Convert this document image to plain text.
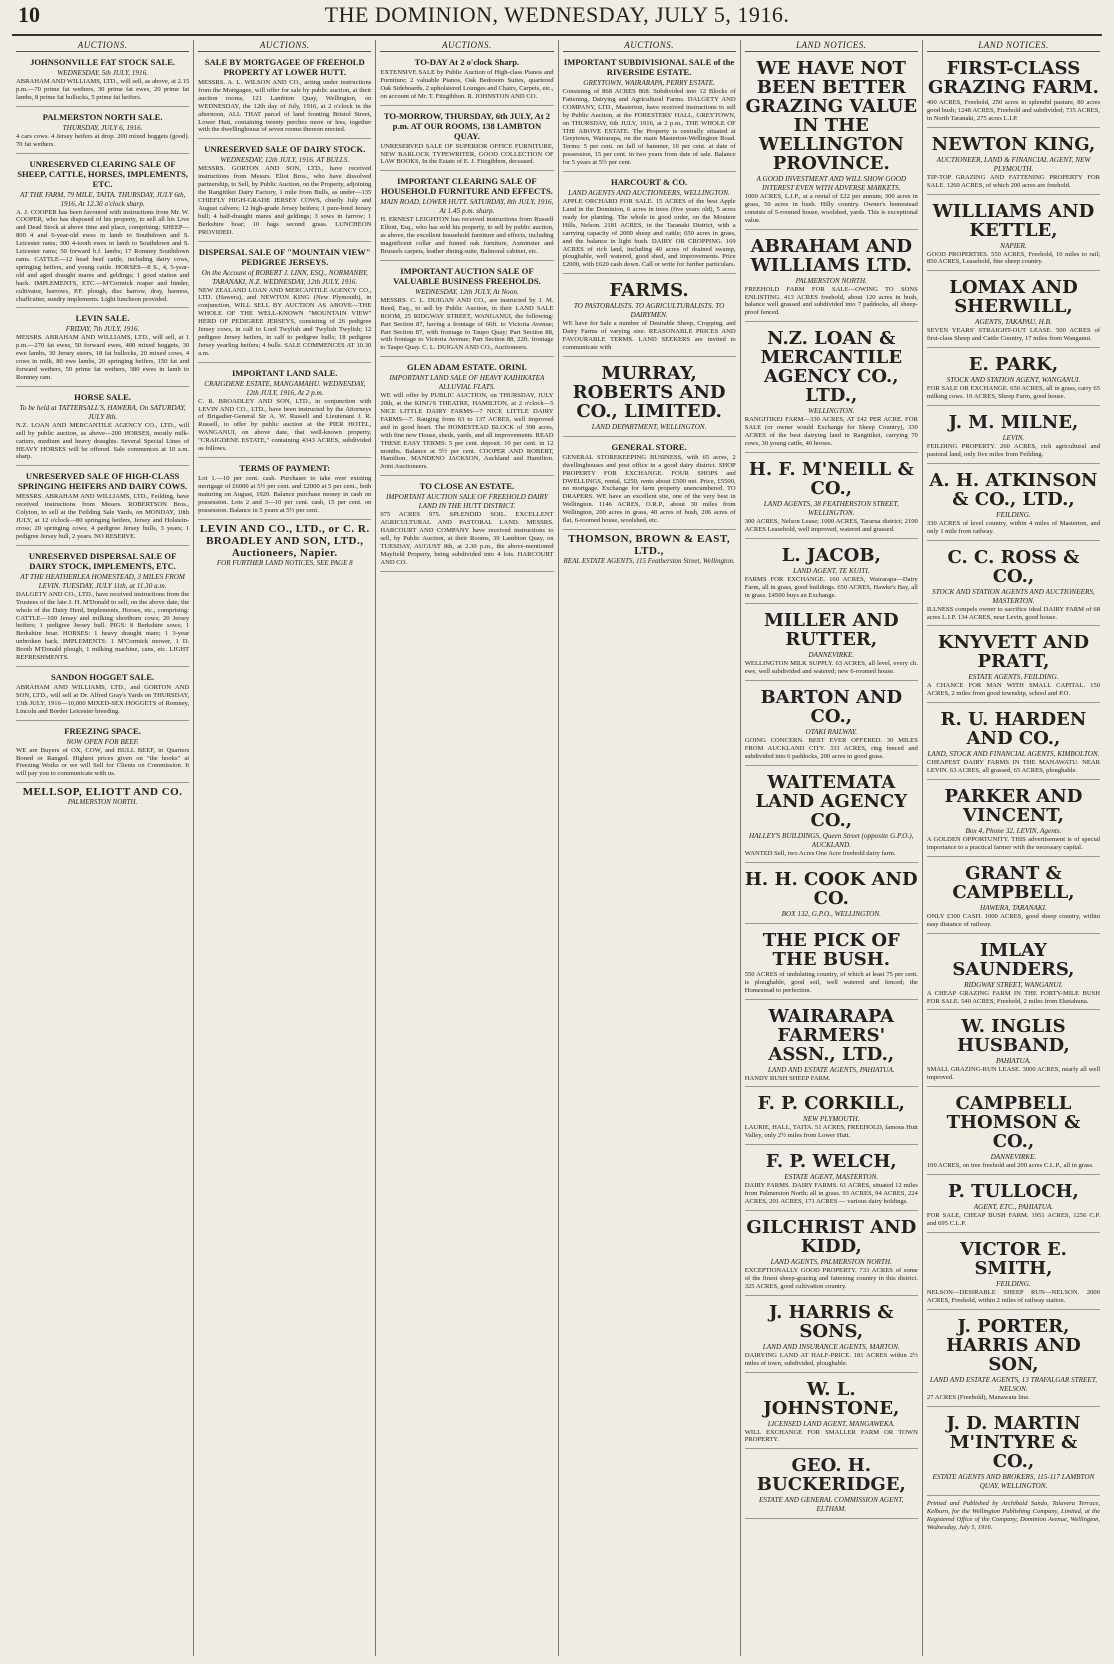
10	THE DOMINION, WEDNESDAY, JULY 5, 1916.
AUCTIONS.
JOHNSONVILLE FAT STOCK SALE.
WEDNESDAY, 5th JULY, 1916.
ABRAHAM AND WILLIAMS, LTD., will sell, as above, at 2.15 p.m.—70 prime fat wethers, 30 prime fat ewes, 20 prime fat lambs, 8 prime fat bullocks, 5 prime fat heifers.
PALMERSTON NORTH SALE.
THURSDAY, JULY 6, 1916.
4 cars cows. 4 Jersey heifers at drop. 200 mixed hoggets (good). 70 fat wethers.
UNRESERVED CLEARING SALE OF SHEEP, CATTLE, HORSES, IMPLEMENTS, ETC.
AT THE FARM, 79 MILE, TAITA. THURSDAY, JULY 6th, 1916, At 12.30 o'clock sharp.
A. J. COOPER has been favoured with instructions from Mr. W. COOPER, who has disposed of his property, to sell all his Live and Dead Stock at above time and place, comprising: SHEEP—800 4 and 6-year-old ewes in lamb to Southdown and S. Leicester rams; 300 4-tooth ewes in lamb to Southdown and S. Leicester rams; 50 forward b.f. lambs; 17 Romney Southdown rams. CATTLE—12 head beef cattle, including dairy cows, springing heifers, and young cattle. HORSES—8 S., 4, 5-year-old and aged draught mares and geldings; 1 good station and hack. IMPLEMENTS, ETC.—M'Cormick reaper and binder, cultivator, harrows, P.F. plough, disc harrow, dray, harness, chaffcutter, sundry implements. Light luncheon provided.
LEVIN SALE.
FRIDAY, 7th JULY, 1916.
MESSRS. ABRAHAM AND WILLIAMS, LTD., will sell, at 1 p.m.—270 fat ewes, 50 forward ewes, 400 mixed hoggets, 30 ewe lambs, 30 Jersey steers, 18 fat bullocks, 20 mixed cows, 4 cows in milk, 80 ewe lambs, 20 springing heifers, 150 fat and forward wethers, 50 prime fat wethers, 380 ewes in lamb to Romney ram.
HORSE SALE.
To be held at TATTERSALL'S, HAWERA, On SATURDAY, JULY 8th.
N.Z. LOAN AND MERCANTILE AGENCY CO., LTD., will sell by public auction, as above—200 HORSES, mostly milk-carters, medium and heavy draughts. Several Special Lines of HEAVY HORSES will be offered. Sale commences at 10 a.m. sharp.
UNRESERVED SALE OF HIGH-CLASS SPRINGING HEIFERS AND DAIRY COWS.
MESSRS. ABRAHAM AND WILLIAMS, LTD., Feilding, have received instructions from Messrs. ROBERTSON Bros., Colyton, to sell at the Feilding Sale Yards, on MONDAY, 10th JULY, at 12 o'clock—80 springing heifers, Jersey and Holstein-cross; 20 springing cows; 4 pedigree Jersey bulls, 3 years; 1 pedigree Jersey bull, 2 years. NO RESERVE.
UNRESERVED DISPERSAL SALE OF DAIRY STOCK, IMPLEMENTS, ETC.
AT THE HEATHERLEA HOMESTEAD, 3 MILES FROM LEVIN. TUESDAY, JULY 11th, at 11.30 a.m.
DALGETY AND CO., LTD., have received instructions from the Trustees of the late J. H. M'Donald to sell, on the above date, the whole of the Dairy Herd, Implements, Horses, etc., comprising: CATTLE—100 Jersey and milking shorthorn cows; 20 Jersey heifers; 1 pedigree Jersey bull. PIGS: 8 Berkshire sows; 1 Berkshire boar. HORSES: 1 heavy draught mare; 1 3-year unbroken hack. IMPLEMENTS: 1 M'Cormick mower, 1 D. Booth M'Donald plough, 1 milking machine, cans, etc. LIGHT REFRESHMENTS.
SANDON HOGGET SALE.
ABRAHAM AND WILLIAMS, LTD., and GORTON AND SON, LTD., will sell at Dr. Alfred Gray's Yards on THURSDAY, 13th JULY, 1916—10,000 MIXED-SEX HOGGETS of Romney, Lincoln and Border Leicester breeding.
FREEZING SPACE.
NOW OPEN FOR BEEF.
WE are Buyers of OX, COW, and BULL BEEF, in Quarters Boned or Ranged. Highest prices given on "the hooks" at Freezing Works or we will Sell for Clients on Commission. It will pay you to communicate with us.
MELLSOP, ELIOTT AND CO.
PALMERSTON NORTH.
AUCTIONS.
SALE BY MORTGAGEE OF FREEHOLD PROPERTY AT LOWER HUTT.
MESSRS. A. L. WILSON AND CO., acting under instructions from the Mortgagee, will offer for sale by public auction, at their auction rooms, 121 Lambton Quay, Wellington, on WEDNESDAY, the 12th day of July, 1916, at 2 o'clock in the afternoon, ALL THAT parcel of land fronting Bristol Street, Lower Hutt, containing twenty perches more or less, together with the dwellinghouse of seven rooms thereon erected.
UNRESERVED SALE OF DAIRY STOCK.
WEDNESDAY, 12th JULY, 1916. AT BULLS.
MESSRS. GORTON AND SON, LTD., have received instructions from Messrs. Eliot Bros., who have dissolved partnership, to Sell, by Public Auction, on the Property, adjoining the Rangitikei Dairy Factory, 1 mile from Bulls, as under—135 CHIEFLY HIGH-GRADE JERSEY COWS, chiefly July and August calvers; 12 high-grade Jersey heifers; 1 pure-bred Jersey bull; 4 half-draught mares and geldings; 3 sows in farrow; 1 Berkshire boar; 10 bags second grass. LUNCHEON PROVIDED.
DISPERSAL SALE OF "MOUNTAIN VIEW" PEDIGREE JERSEYS.
On the Account of ROBERT J. LINN, ESQ., NORMANBY, TARANAKI, N.Z. WEDNESDAY, 12th JULY, 1916.
NEW ZEALAND LOAN AND MERCANTILE AGENCY CO., LTD. (Hawera), and NEWTON KING (New Plymouth), in conjunction, WILL SELL BY AUCTION AS ABOVE—THE WHOLE OF THE WELL-KNOWN "MOUNTAIN VIEW" HERD OF PEDIGREE JERSEYS, consisting of 26 pedigree Jersey cows, in calf to Lord Twylish and Twylish Twylish; 12 pedigree Jersey heifers, in calf to pedigree bulls; 18 pedigree Jersey yearling heifers; 4 bulls. SALE COMMENCES AT 10.30 a.m.
IMPORTANT LAND SALE.
CRAIGDENE ESTATE, MANGAMAHU. WEDNESDAY, 12th JULY, 1916, At 2 p.m.
C. R. BROADLEY AND SON, LTD., in conjunction with LEVIN AND CO., LTD., have been instructed by the Attorneys of Brigadier-General Sir A. W. Russell and Lieutenant J. R. Russell, to offer by public auction at the PIER HOTEL, WANGANUI, on above date, that well-known property, "CRAIGDENE ESTATE," containing 4343 ACRES, subdivided as follows.
TERMS OF PAYMENT:
Lot 1.—10 per cent. cash. Purchaser to take over existing mortgage of £6000 at 5½ per cent. and £2000 at 5 per cent., both maturing on August, 1920. Balance purchase money in cash on possession. Lots 2 and 3—10 per cent. cash, 15 per cent. on possession. Balance in 5 years at 5½ per cent.
LEVIN AND CO., LTD., or C. R. BROADLEY AND SON, LTD., Auctioneers, Napier.
FOR FURTHER LAND NOTICES, SEE PAGE 8
AUCTIONS.
TO-DAY At 2 o'clock Sharp.
EXTENSIVE SALE by Public Auction of High-class Pianos and Furniture; 2 valuable Pianos, Oak Bedroom Suites, quartered Oak Sideboards, 2 upholstered Lounges and Chairs, Carpets, etc., on account of Mr. T. Fitzgibbon. R. JOHNSTON AND CO.
TO-MORROW, THURSDAY, 6th JULY, At 2 p.m. AT OUR ROOMS, 138 LAMBTON QUAY.
UNRESERVED SALE OF SUPERIOR OFFICE FURNITURE, NEW BARLOCK TYPEWRITER, GOOD COLLECTION OF LAW BOOKS, In the Estate of E. J. Fitzgibbon, deceased.
IMPORTANT CLEARING SALE OF HOUSEHOLD FURNITURE AND EFFECTS.
MAIN ROAD, LOWER HUTT. SATURDAY, 8th JULY, 1916, At 1.45 p.m. sharp.
H. ERNEST LEIGHTON has received instructions from Russell Elliott, Esq., who has sold his property, to sell by public auction, as above, the excellent household furniture and effects, including magnificent collar and fumed oak furniture, Axminster and Brussels carpets, leather dining suite, Balmoral cabinet, etc.
IMPORTANT AUCTION SALE OF VALUABLE BUSINESS FREEHOLDS.
WEDNESDAY, 12th JULY, At Noon.
MESSRS. C. L. DUIGAN AND CO., are instructed by J. M. Reed, Esq., to sell by Public Auction, in their LAND SALE ROOM, 25 RIDGWAY STREET, WANGANUI, the following: Part Section 87, having a frontage of 66ft. to Victoria Avenue; Part Section 87, with frontage to Taupo Quay; Part Section 88, with frontage to Victoria Avenue; Part Section 88, 22ft. frontage to Taupo Quay. C. L. DUIGAN AND CO., Auctioneers.
GLEN ADAM ESTATE. ORINI.
IMPORTANT LAND SALE OF HEAVY KAIHIKATEA ALLUVIAL FLATS.
WE will offer by PUBLIC AUCTION, on THURSDAY, JULY 20th, at the KING'S THEATRE, HAMILTON, at 2 o'clock—5 NICE LITTLE DAIRY FARMS—7 NICE LITTLE DAIRY FARMS—7. Ranging from 63 to 137 ACRES, well improved and in good heart. The HOMESTEAD BLOCK of 398 acres, with fine new House, sheds, yards, and all improvements. READ THESE EASY TERMS: 5 per cent. deposit. 10 per cent. in 12 months. Balance at 5½ per cent. COOPER AND ROBERT, Hamilton. MANDENO JACKSON, Auckland and Hamilton. Joint Auctioneers.
TO CLOSE AN ESTATE.
IMPORTANT AUCTION SALE OF FREEHOLD DAIRY LAND IN THE HUTT DISTRICT.
975 ACRES 975. SPLENDID SOIL. EXCELLENT AGRICULTURAL AND PASTORAL LAND. MESSRS. HARCOURT AND COMPANY have received instructions to sell, by Public Auction, at their Rooms, 39 Lambton Quay, on TUESDAY, AUGUST 8th, at 2.30 p.m., the above-mentioned Mayfield Property, being subdivided into 4 lots. HARCOURT AND CO.
AUCTIONS.
IMPORTANT SUBDIVISIONAL SALE of the RIVERSIDE ESTATE.
GREYTOWN, WAIRARAPA, PERRY ESTATE.
Consisting of 868 ACRES 868. Subdivided into 12 Blocks of Fattening, Dairying and Agricultural Farms. DALGETY AND COMPANY, LTD., Masterton, have received instructions to sell by Public Auction, at the FORESTERS' HALL, GREYTOWN, on THURSDAY, 6th JULY, 1916, at 2 p.m., THE WHOLE OF THE ABOVE ESTATE. The Property is centrally situated at Greytown, Wairarapa, on the main Masterton-Wellington Road. Terms: 5 per cent. on fall of hammer, 10 per cent. at date of possession, 15 per cent. in two years from date of sale. Balance for 5 years at 5½ per cent.
HARCOURT & CO.
LAND AGENTS AND AUCTIONEERS, WELLINGTON.
APPLE ORCHARD FOR SALE. 15 ACRES of the best Apple Land in the Dominion, 6 acres in trees (five years old), 5 acres ready for planting. The whole in good order, on the Moutere Hills, Nelson. 2181 ACRES, in the Taranaki District, with a carrying capacity of 2000 sheep and cattle; 650 acres in grass, and the balance in light bush. DAIRY OR CROPPING. 169 ACRES of rich land, including 40 acres of drained swamp, ploughable, well watered, good shed, and improvements. Price £2000, with £620 cash down. Call or write for further particulars.
FARMS.
TO PASTORALISTS. TO AGRICULTURALISTS. TO DAIRYMEN.
WE have for Sale a number of Desirable Sheep, Cropping, and Dairy Farms of varying size. REASONABLE PRICES AND FAVOURABLE TERMS. LAND SEEKERS are invited to communicate with
MURRAY, ROBERTS AND CO., LIMITED.
LAND DEPARTMENT, WELLINGTON.
GENERAL STORE.
GENERAL STOREKEEPING BUSINESS, with 65 acres, 2 dwellinghouses and post office in a good dairy district. SHOP PROPERTY FOR EXCHANGE. FOUR SHOPS and DWELLINGS, rental, £250, rents about £500 net. Price, £5500, no mortgage. Exchange for farm property unencumbered. TO DRAPERS. WE have an excellent site, one of the very best in Wellington. 1146 ACRES, O.R.P., about 30 miles from Wellington, 200 acres in grass, 40 acres of bush, 206 acres of flat, 6-roomed house, woolshed, etc.
THOMSON, BROWN & EAST, LTD.,
REAL ESTATE AGENTS, 115 Featherston Street, Wellington.
LAND NOTICES.
WE HAVE NOT BEEN BETTER GRAZING VALUE IN THE WELLINGTON PROVINCE.
A GOOD INVESTMENT AND WILL SHOW GOOD INTEREST EVEN WITH ADVERSE MARKETS.
1000 ACRES, L.I.P., at a rental of £22 per annum; 300 acres in grass, 50 acres in bush. Hilly country. Owner's homestead consists of 5-roomed house, woolshed, yards. This is exceptional value.
ABRAHAM AND WILLIAMS LTD.
PALMERSTON NORTH.
FREEHOLD FARM FOR SALE—OWING TO SONS ENLISTING. 413 ACRES freehold, about 120 acres in bush, balance well grassed and subdivided into 7 paddocks, all sheep-proof fenced.
N.Z. LOAN & MERCANTILE AGENCY CO., LTD.,
WELLINGTON.
RANGITIKEI FARM—330 ACRES, AT £42 PER ACRE. FOR SALE (or owner would Exchange for Sheep Country), 330 ACRES of the best dairying land in Rangitikei, carrying 70 cows, 30 young cattle, 40 horses.
H. F. M'NEILL & CO.,
LAND AGENTS, 38 FEATHERSTON STREET, WELLINGTON.
300 ACRES, Nelson Lease; 1000 ACRES, Tararua district; 2100 ACRES Leasehold, well improved, watered and grassed.
L. JACOB,
LAND AGENT, TE KUITI.
FARMS FOR EXCHANGE. 160 ACRES, Wairarapa—Dairy Farm, all in grass, good buildings. 650 ACRES, Hawke's Bay, all in grass. £4500 buys an Exchange.
MILLER AND RUTTER,
DANNEVIRKE.
WELLINGTON MILK SUPPLY. 63 ACRES, all level, every ch. ewe, well subdivided and watered; new 6-roomed house.
BARTON AND CO.,
OTAKI RAILWAY.
GOING CONCERN. BEST EVER OFFERED. 30 MILES FROM AUCKLAND CITY. 333 ACRES, ring fenced and subdivided into 6 paddocks, 200 acres in good grass.
WAITEMATA LAND AGENCY CO.,
HALLEY'S BUILDINGS, Queen Street (opposite G.P.O.), AUCKLAND.
WANTED Sell, two Acres One Acre freehold dairy farm.
H. H. COOK AND CO.
BOX 132, G.P.O., WELLINGTON.
THE PICK OF THE BUSH.
550 ACRES of undulating country, of which at least 75 per cent. is ploughable, good soil, well watered and fenced; the Homestead to perfection.
WAIRARAPA FARMERS' ASSN., LTD.,
LAND AND ESTATE AGENTS, PAHIATUA.
HANDY BUSH SHEEP FARM.
F. P. CORKILL,
NEW PLYMOUTH.
LAURIE, HALL, TAITA. 51 ACRES, FREEHOLD, famous Hutt Valley, only 2½ miles from Lower Hutt.
F. P. WELCH,
ESTATE AGENT, MASTERTON.
DAIRY FARMS. DAIRY FARMS. 61 ACRES, situated 12 miles from Palmerston North; all in grass. 93 ACRES, 94 ACRES, 224 ACRES, 201 ACRES, 171 ACRES — various dairy holdings.
GILCHRIST AND KIDD,
LAND AGENTS, PALMERSTON NORTH.
EXCEPTIONALLY GOOD PROPERTY. 733 ACRES of some of the finest sheep-grazing and fattening country in this district. 325 ACRES, good cultivation country.
J. HARRIS & SONS,
LAND AND INSURANCE AGENTS, MARTON.
DAIRYING LAND AT HALF-PRICE. 181 ACRES within 2½ miles of town, subdivided, ploughable.
W. L. JOHNSTONE,
LICENSED LAND AGENT, MANGAWEKA.
WILL EXCHANGE FOR SMALLER FARM OR TOWN PROPERTY.
GEO. H. BUCKERIDGE,
ESTATE AND GENERAL COMMISSION AGENT, ELTHAM.
LAND NOTICES.
FIRST-CLASS GRAZING FARM.
400 ACRES, Freehold, 250 acres in splendid pasture, 80 acres good bush; 1248 ACRES, Freehold and subdivided; 735 ACRES, in North Taranaki, 275 acres L.I.P.
NEWTON KING,
AUCTIONEER, LAND & FINANCIAL AGENT, NEW PLYMOUTH.
TIP-TOP GRAZING AND FATTENING PROPERTY FOR SALE. 1260 ACRES, of which 200 acres are freehold.
WILLIAMS AND KETTLE,
NAPIER.
GOOD PROPERTIES. 550 ACRES, Freehold, 10 miles to rail; 850 ACRES, Leasehold, fine sheep country.
LOMAX AND SHERWILL,
AGENTS, TAKAPAU, H.B.
SEVEN YEARS' STRAIGHT-OUT LEASE. 500 ACRES of first-class Sheep and Cattle Country, 17 miles from Wanganui.
E. PARK,
STOCK AND STATION AGENT, WANGANUI.
FOR SALE OR EXCHANGE. 650 ACRES, all in grass, carry 65 milking cows. 10 ACRES, Sheep Farm, good house.
J. M. MILNE,
LEVIN.
FEILDING PROPERTY. 260 ACRES, rich agricultural and pastoral land, only five miles from Feilding.
A. H. ATKINSON & CO., LTD.,
FEILDING.
330 ACRES of level country, within 4 miles of Masterton, and only 1 mile from railway.
C. C. ROSS & CO.,
STOCK AND STATION AGENTS AND AUCTIONEERS, MASTERTON.
ILLNESS compels owner to sacrifice ideal DAIRY FARM of 68 acres L.I.P. 134 ACRES, near Levin, good house.
KNYVETT AND PRATT,
ESTATE AGENTS, FEILDING.
A CHANCE FOR MAN WITH SMALL CAPITAL. 150 ACRES, 2 miles from good township, school and P.O.
R. U. HARDEN AND CO.,
LAND, STOCK AND FINANCIAL AGENTS, KIMBOLTON.
CHEAPEST DAIRY FARMS IN THE MANAWATU. NEAR LEVIN. 63 ACRES, all grassed, 65 ACRES, ploughable.
PARKER AND VINCENT,
Box 4, Phone 32, LEVIN, Agents.
A GOLDEN OPPORTUNITY. THIS advertisement is of special importance to a practical farmer with the necessary capital.
GRANT & CAMPBELL,
HAWERA, TARANAKI.
ONLY £300 CASH. 1000 ACRES, good sheep country, within easy distance of railway.
IMLAY SAUNDERS,
RIDGWAY STREET, WANGANUI.
A CHEAP GRAZING FARM IN THE FORTY-MILE BUSH FOR SALE. 540 ACRES, Freehold, 2 miles from Eketahuna.
W. INGLIS HUSBAND,
PAHIATUA.
SMALL GRAZING-RUN LEASE. 3000 ACRES, nearly all well improved.
CAMPBELL THOMSON & CO.,
DANNEVIRKE.
100 ACRES, on tree freehold and 200 acres C.L.P., all in grass.
P. TULLOCH,
AGENT, ETC., PAHIATUA.
FOR SALE, CHEAP BUSH FARM. 1951 ACRES, 1256 C.P. and 695 C.L.P.
VICTOR E. SMITH,
FEILDING.
NELSON—DESIRABLE SHEEP RUN—NELSON. 2000 ACRES, Freehold, within 2 miles of railway station.
J. PORTER, HARRIS AND SON,
LAND AND ESTATE AGENTS, 13 TRAFALGAR STREET, NELSON.
27 ACRES (Freehold), Manawatu line.
J. D. MARTIN M'INTYRE & CO.,
ESTATE AGENTS AND BROKERS, 115-117 LAMBTON QUAY, WELLINGTON.
Printed and Published by Archibald Sando, Talavera Terrace, Kelburn, for the Wellington Publishing Company, Limited, at the Registered Office of the Company, Dominion Avenue, Wellington, Wednesday, July 5, 1916.
